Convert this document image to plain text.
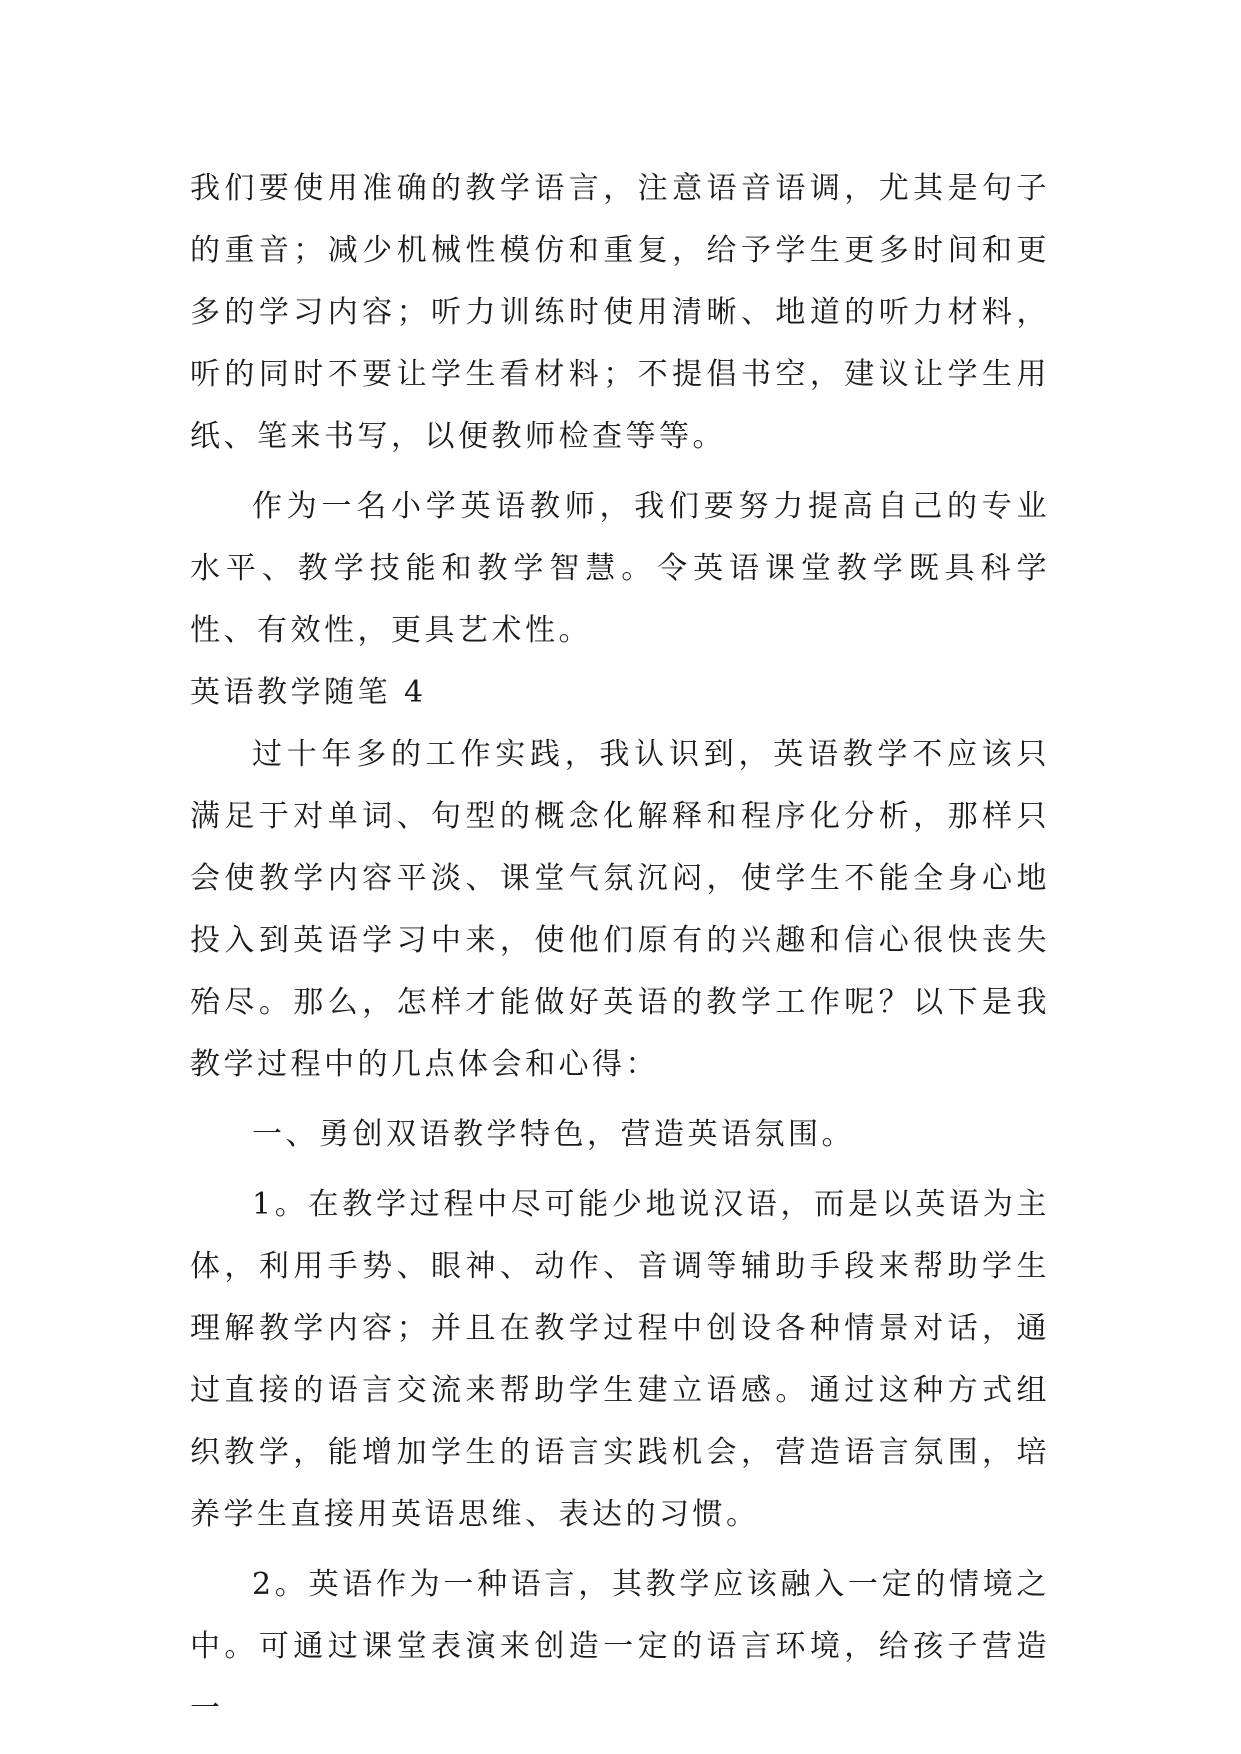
我们要使用准确的教学语言，注意语音语调，尤其是句子的重音；减少机械性模仿和重复，给予学生更多时间和更多的学习内容；听力训练时使用清晰、地道的听力材料，听的同时不要让学生看材料；不提倡书空，建议让学生用纸、笔来书写，以便教师检查等等。

作为一名小学英语教师，我们要努力提高自己的专业水平、教学技能和教学智慧。令英语课堂教学既具科学性、有效性，更具艺术性。

英语教学随笔 4

过十年多的工作实践，我认识到，英语教学不应该只满足于对单词、句型的概念化解释和程序化分析，那样只会使教学内容平淡、课堂气氛沉闷，使学生不能全身心地投入到英语学习中来，使他们原有的兴趣和信心很快丧失殆尽。那么，怎样才能做好英语的教学工作呢？以下是我教学过程中的几点体会和心得：

一、勇创双语教学特色，营造英语氛围。

1。在教学过程中尽可能少地说汉语，而是以英语为主体，利用手势、眼神、动作、音调等辅助手段来帮助学生理解教学内容；并且在教学过程中创设各种情景对话，通过直接的语言交流来帮助学生建立语感。通过这种方式组织教学，能增加学生的语言实践机会，营造语言氛围，培养学生直接用英语思维、表达的习惯。

2。英语作为一种语言，其教学应该融入一定的情境之中。可通过课堂表演来创造一定的语言环境，给孩子营造一
